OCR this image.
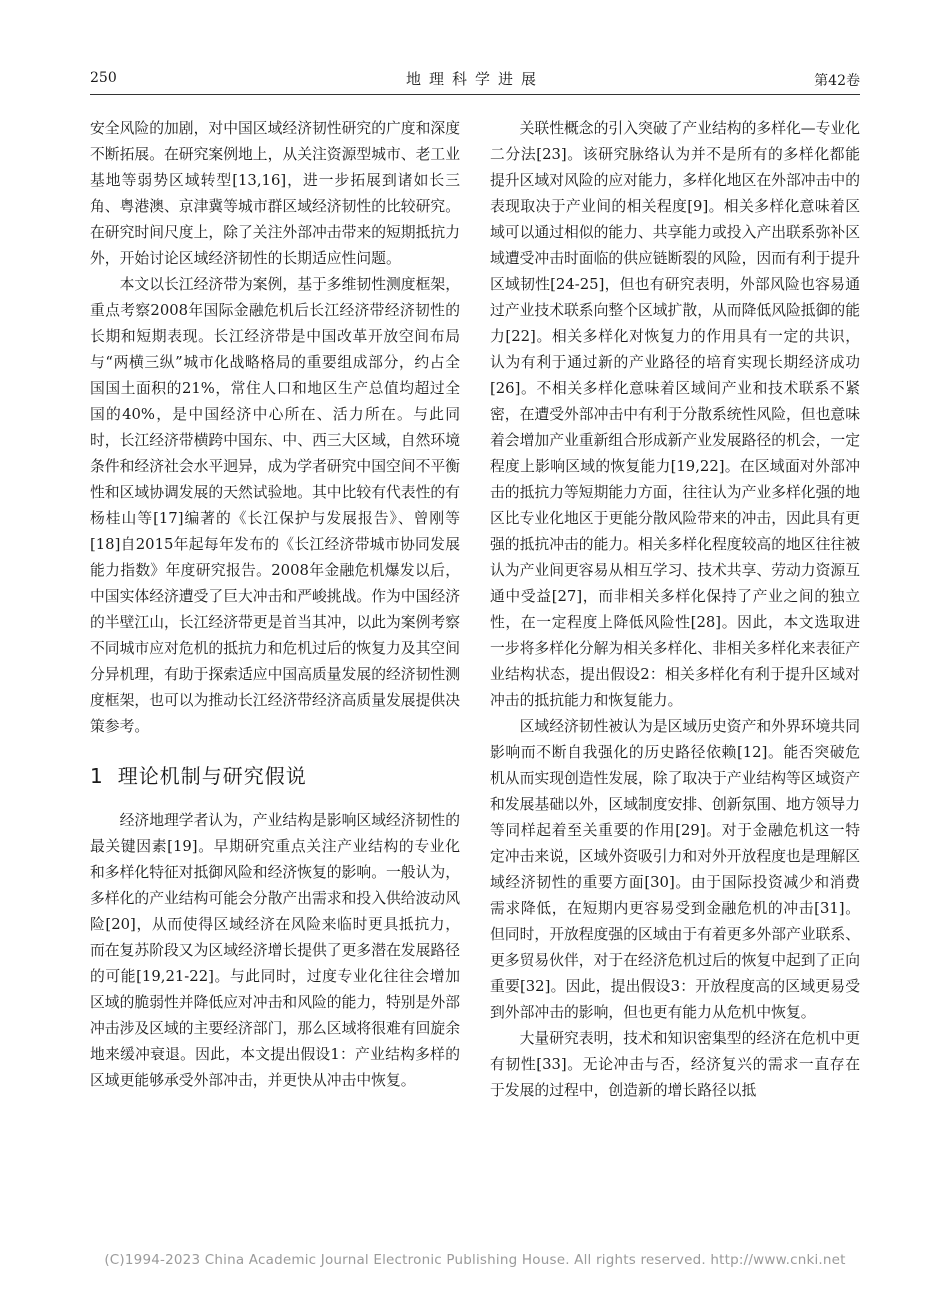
250	地理科学进展	第42卷

安全风险的加剧，对中国区域经济韧性研究的广度和深度不断拓展。在研究案例地上，从关注资源型城市、老工业基地等弱势区域转型[13,16]，进一步拓展到诸如长三角、粤港澳、京津冀等城市群区域经济韧性的比较研究。在研究时间尺度上，除了关注外部冲击带来的短期抵抗力外，开始讨论区域经济韧性的长期适应性问题。

本文以长江经济带为案例，基于多维韧性测度框架，重点考察2008年国际金融危机后长江经济带经济韧性的长期和短期表现。长江经济带是中国改革开放空间布局与“两横三纵”城市化战略格局的重要组成部分，约占全国国土面积的21%，常住人口和地区生产总值均超过全国的40%，是中国经济中心所在、活力所在。与此同时，长江经济带横跨中国东、中、西三大区域，自然环境条件和经济社会水平迥异，成为学者研究中国空间不平衡性和区域协调发展的天然试验地。其中比较有代表性的有杨桂山等[17]编著的《长江保护与发展报告》、曾刚等[18]自2015年起每年发布的《长江经济带城市协同发展能力指数》年度研究报告。2008年金融危机爆发以后，中国实体经济遭受了巨大冲击和严峻挑战。作为中国经济的半壁江山，长江经济带更是首当其冲，以此为案例考察不同城市应对危机的抵抗力和危机过后的恢复力及其空间分异机理，有助于探索适应中国高质量发展的经济韧性测度框架，也可以为推动长江经济带经济高质量发展提供决策参考。

1 理论机制与研究假说

经济地理学者认为，产业结构是影响区域经济韧性的最关键因素[19]。早期研究重点关注产业结构的专业化和多样化特征对抵御风险和经济恢复的影响。一般认为，多样化的产业结构可能会分散产出需求和投入供给波动风险[20]，从而使得区域经济在风险来临时更具抵抗力，而在复苏阶段又为区域经济增长提供了更多潜在发展路径的可能[19,21-22]。与此同时，过度专业化往往会增加区域的脆弱性并降低应对冲击和风险的能力，特别是外部冲击涉及区域的主要经济部门，那么区域将很难有回旋余地来缓冲衰退。因此，本文提出假设1：产业结构多样的区域更能够承受外部冲击，并更快从冲击中恢复。

关联性概念的引入突破了产业结构的多样化—专业化二分法[23]。该研究脉络认为并不是所有的多样化都能提升区域对风险的应对能力，多样化地区在外部冲击中的表现取决于产业间的相关程度[9]。相关多样化意味着区域可以通过相似的能力、共享能力或投入产出联系弥补区域遭受冲击时面临的供应链断裂的风险，因而有利于提升区域韧性[24-25]，但也有研究表明，外部风险也容易通过产业技术联系向整个区域扩散，从而降低风险抵御的能力[22]。相关多样化对恢复力的作用具有一定的共识，认为有利于通过新的产业路径的培育实现长期经济成功[26]。不相关多样化意味着区域间产业和技术联系不紧密，在遭受外部冲击中有利于分散系统性风险，但也意味着会增加产业重新组合形成新产业发展路径的机会，一定程度上影响区域的恢复能力[19,22]。在区域面对外部冲击的抵抗力等短期能力方面，往往认为产业多样化强的地区比专业化地区于更能分散风险带来的冲击，因此具有更强的抵抗冲击的能力。相关多样化程度较高的地区往往被认为产业间更容易从相互学习、技术共享、劳动力资源互通中受益[27]，而非相关多样化保持了产业之间的独立性，在一定程度上降低风险性[28]。因此，本文选取进一步将多样化分解为相关多样化、非相关多样化来表征产业结构状态，提出假设2：相关多样化有利于提升区域对冲击的抵抗能力和恢复能力。

区域经济韧性被认为是区域历史资产和外界环境共同影响而不断自我强化的历史路径依赖[12]。能否突破危机从而实现创造性发展，除了取决于产业结构等区域资产和发展基础以外，区域制度安排、创新氛围、地方领导力等同样起着至关重要的作用[29]。对于金融危机这一特定冲击来说，区域外资吸引力和对外开放程度也是理解区域经济韧性的重要方面[30]。由于国际投资减少和消费需求降低，在短期内更容易受到金融危机的冲击[31]。但同时，开放程度强的区域由于有着更多外部产业联系、更多贸易伙伴，对于在经济危机过后的恢复中起到了正向重要[32]。因此，提出假设3：开放程度高的区域更易受到外部冲击的影响，但也更有能力从危机中恢复。

大量研究表明，技术和知识密集型的经济在危机中更有韧性[33]。无论冲击与否，经济复兴的需求一直存在于发展的过程中，创造新的增长路径以抵

(C)1994-2023 China Academic Journal Electronic Publishing House. All rights reserved. http://www.cnki.net
